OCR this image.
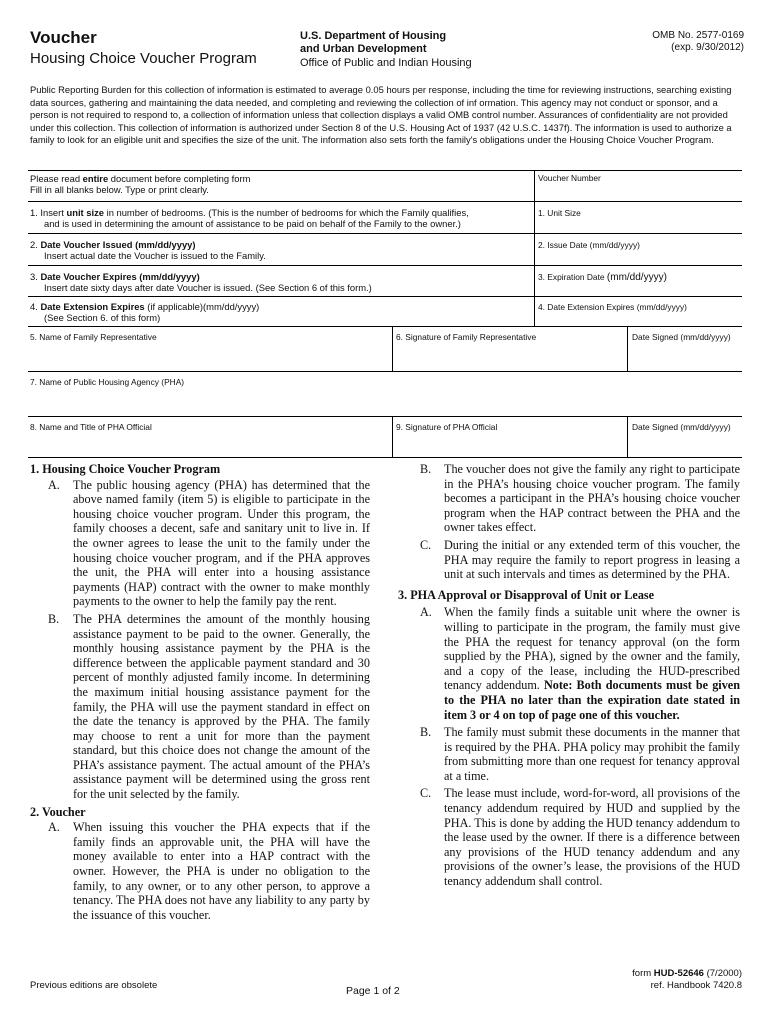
Voucher
Housing Choice Voucher Program
U.S. Department of Housing
and Urban Development
Office of Public and Indian Housing
OMB No. 2577-0169
(exp. 9/30/2012)
Public Reporting Burden for this collection of information is estimated to average 0.05 hours per response, including the time for reviewing instructions, searching existing data sources, gathering and maintaining the data needed, and completing and reviewing the collection of inf ormation. This agency may not conduct or sponsor, and a person is not required to respond to, a collection of information unless that collection displays a valid OMB control number. Assurances of confidentiality are not provided under this collection. This collection of information is authorized under Section 8 of the U.S. Housing Act of 1937 (42 U.S.C. 1437f). The information is used to authorize a family to look for an eligible unit and specifies the size of the unit. The information also sets forth the family's obligations under the Housing Choice Voucher Program.
Please read entire document before completing form
Fill in all blanks below. Type or print clearly.
Voucher Number
1. Insert unit size in number of bedrooms. (This is the number of bedrooms for which the Family qualifies,
and is used in determining the amount of assistance to be paid on behalf of the Family to the owner.)
1. Unit Size
2. Date Voucher Issued (mm/dd/yyyy)
Insert actual date the Voucher is issued to the Family.
2. Issue Date (mm/dd/yyyy)
3. Date Voucher Expires (mm/dd/yyyy)
Insert date sixty days after date Voucher is issued. (See Section 6 of this form.)
3. Expiration Date (mm/dd/yyyy)
4. Date Extension Expires (if applicable)(mm/dd/yyyy)
(See Section 6. of this form)
4. Date Extension Expires (mm/dd/yyyy)
5. Name of Family Representative	6. Signature of Family Representative	Date Signed (mm/dd/yyyy)
7. Name of Public Housing Agency (PHA)
8. Name and Title of PHA Official	9. Signature of PHA Official	Date Signed (mm/dd/yyyy)
1. Housing Choice Voucher Program
A. The public housing agency (PHA) has determined that the above named family (item 5) is eligible to participate in the housing choice voucher program. Under this program, the family chooses a decent, safe and sanitary unit to live in. If the owner agrees to lease the unit to the family under the housing choice voucher program, and if the PHA approves the unit, the PHA will enter into a housing assistance payments (HAP) contract with the owner to make monthly payments to the owner to help the family pay the rent.
B. The PHA determines the amount of the monthly housing assistance payment to be paid to the owner. Generally, the monthly housing assistance payment by the PHA is the difference between the applicable payment standard and 30 percent of monthly adjusted family income. In determining the maximum initial housing assistance payment for the family, the PHA will use the payment standard in effect on the date the tenancy is approved by the PHA. The family may choose to rent a unit for more than the payment standard, but this choice does not change the amount of the PHA’s assistance payment. The actual amount of the PHA’s assistance payment will be determined using the gross rent for the unit selected by the family.
2. Voucher
A. When issuing this voucher the PHA expects that if the family finds an approvable unit, the PHA will have the money available to enter into a HAP contract with the owner. However, the PHA is under no obligation to the family, to any owner, or to any other person, to approve a tenancy. The PHA does not have any liability to any party by the issuance of this voucher.
B. The voucher does not give the family any right to participate in the PHA’s housing choice voucher program. The family becomes a participant in the PHA’s housing choice voucher program when the HAP contract between the PHA and the owner takes effect.
C. During the initial or any extended term of this voucher, the PHA may require the family to report progress in leasing a unit at such intervals and times as determined by the PHA.
3. PHA Approval or Disapproval of Unit or Lease
A. When the family finds a suitable unit where the owner is willing to participate in the program, the family must give the PHA the request for tenancy approval (on the form supplied by the PHA), signed by the owner and the family, and a copy of the lease, including the HUD-prescribed tenancy addendum. Note: Both documents must be given to the PHA no later than the expiration date stated in item 3 or 4 on top of page one of this voucher.
B. The family must submit these documents in the manner that is required by the PHA. PHA policy may prohibit the family from submitting more than one request for tenancy approval at a time.
C. The lease must include, word-for-word, all provisions of the tenancy addendum required by HUD and supplied by the PHA. This is done by adding the HUD tenancy addendum to the lease used by the owner. If there is a difference between any provisions of the HUD tenancy addendum and any provisions of the owner’s lease, the provisions of the HUD tenancy addendum shall control.
Previous editions are obsolete	Page 1 of 2
form HUD-52646 (7/2000)
ref. Handbook 7420.8
